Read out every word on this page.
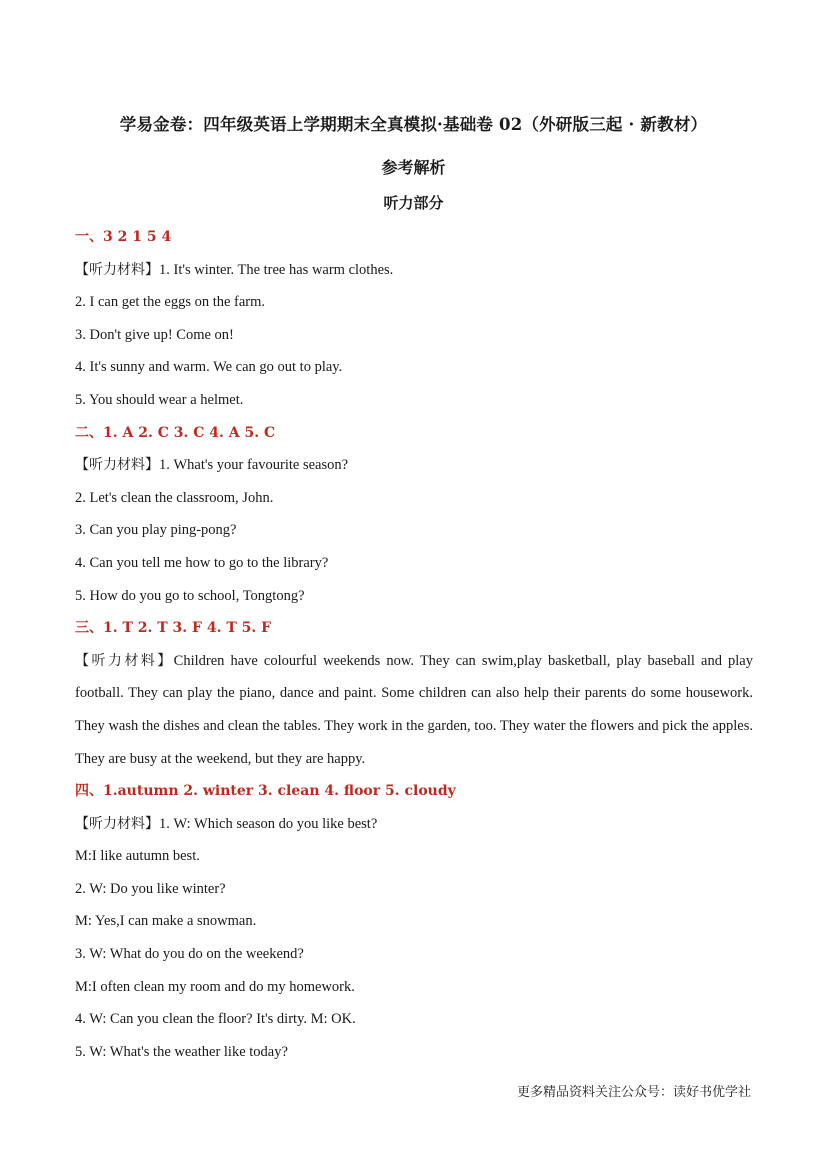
学易金卷：四年级英语上学期期末全真模拟·基础卷 02（外研版三起 · 新教材）
参考解析
听力部分
一、3 2 1 5 4
【听力材料】1. It's winter. The tree has warm clothes.
2. I can get the eggs on the farm.
3. Don't give up! Come on!
4. It's sunny and warm. We can go out to play.
5. You should wear a helmet.
二、1. A 2. C 3. C 4. A 5. C
【听力材料】1. What's your favourite season?
2. Let's clean the classroom, John.
3. Can you play ping-pong?
4. Can you tell me how to go to the library?
5. How do you go to school, Tongtong?
三、1. T 2. T 3. F 4. T 5. F
【听力材料】Children have colourful weekends now. They can swim,play basketball, play baseball and play football. They can play the piano, dance and paint. Some children can also help their parents do some housework. They wash the dishes and clean the tables. They work in the garden, too. They water the flowers and pick the apples. They are busy at the weekend, but they are happy.
四、1.autumn 2. winter 3. clean 4. floor 5. cloudy
【听力材料】1. W: Which season do you like best?
M:I like autumn best.
2. W: Do you like winter?
M: Yes,I can make a snowman.
3. W: What do you do on the weekend?
M:I often clean my room and do my homework.
4. W: Can you clean the floor? It's dirty. M: OK.
5. W: What's the weather like today?
更多精品资料关注公众号：读好书优学社
